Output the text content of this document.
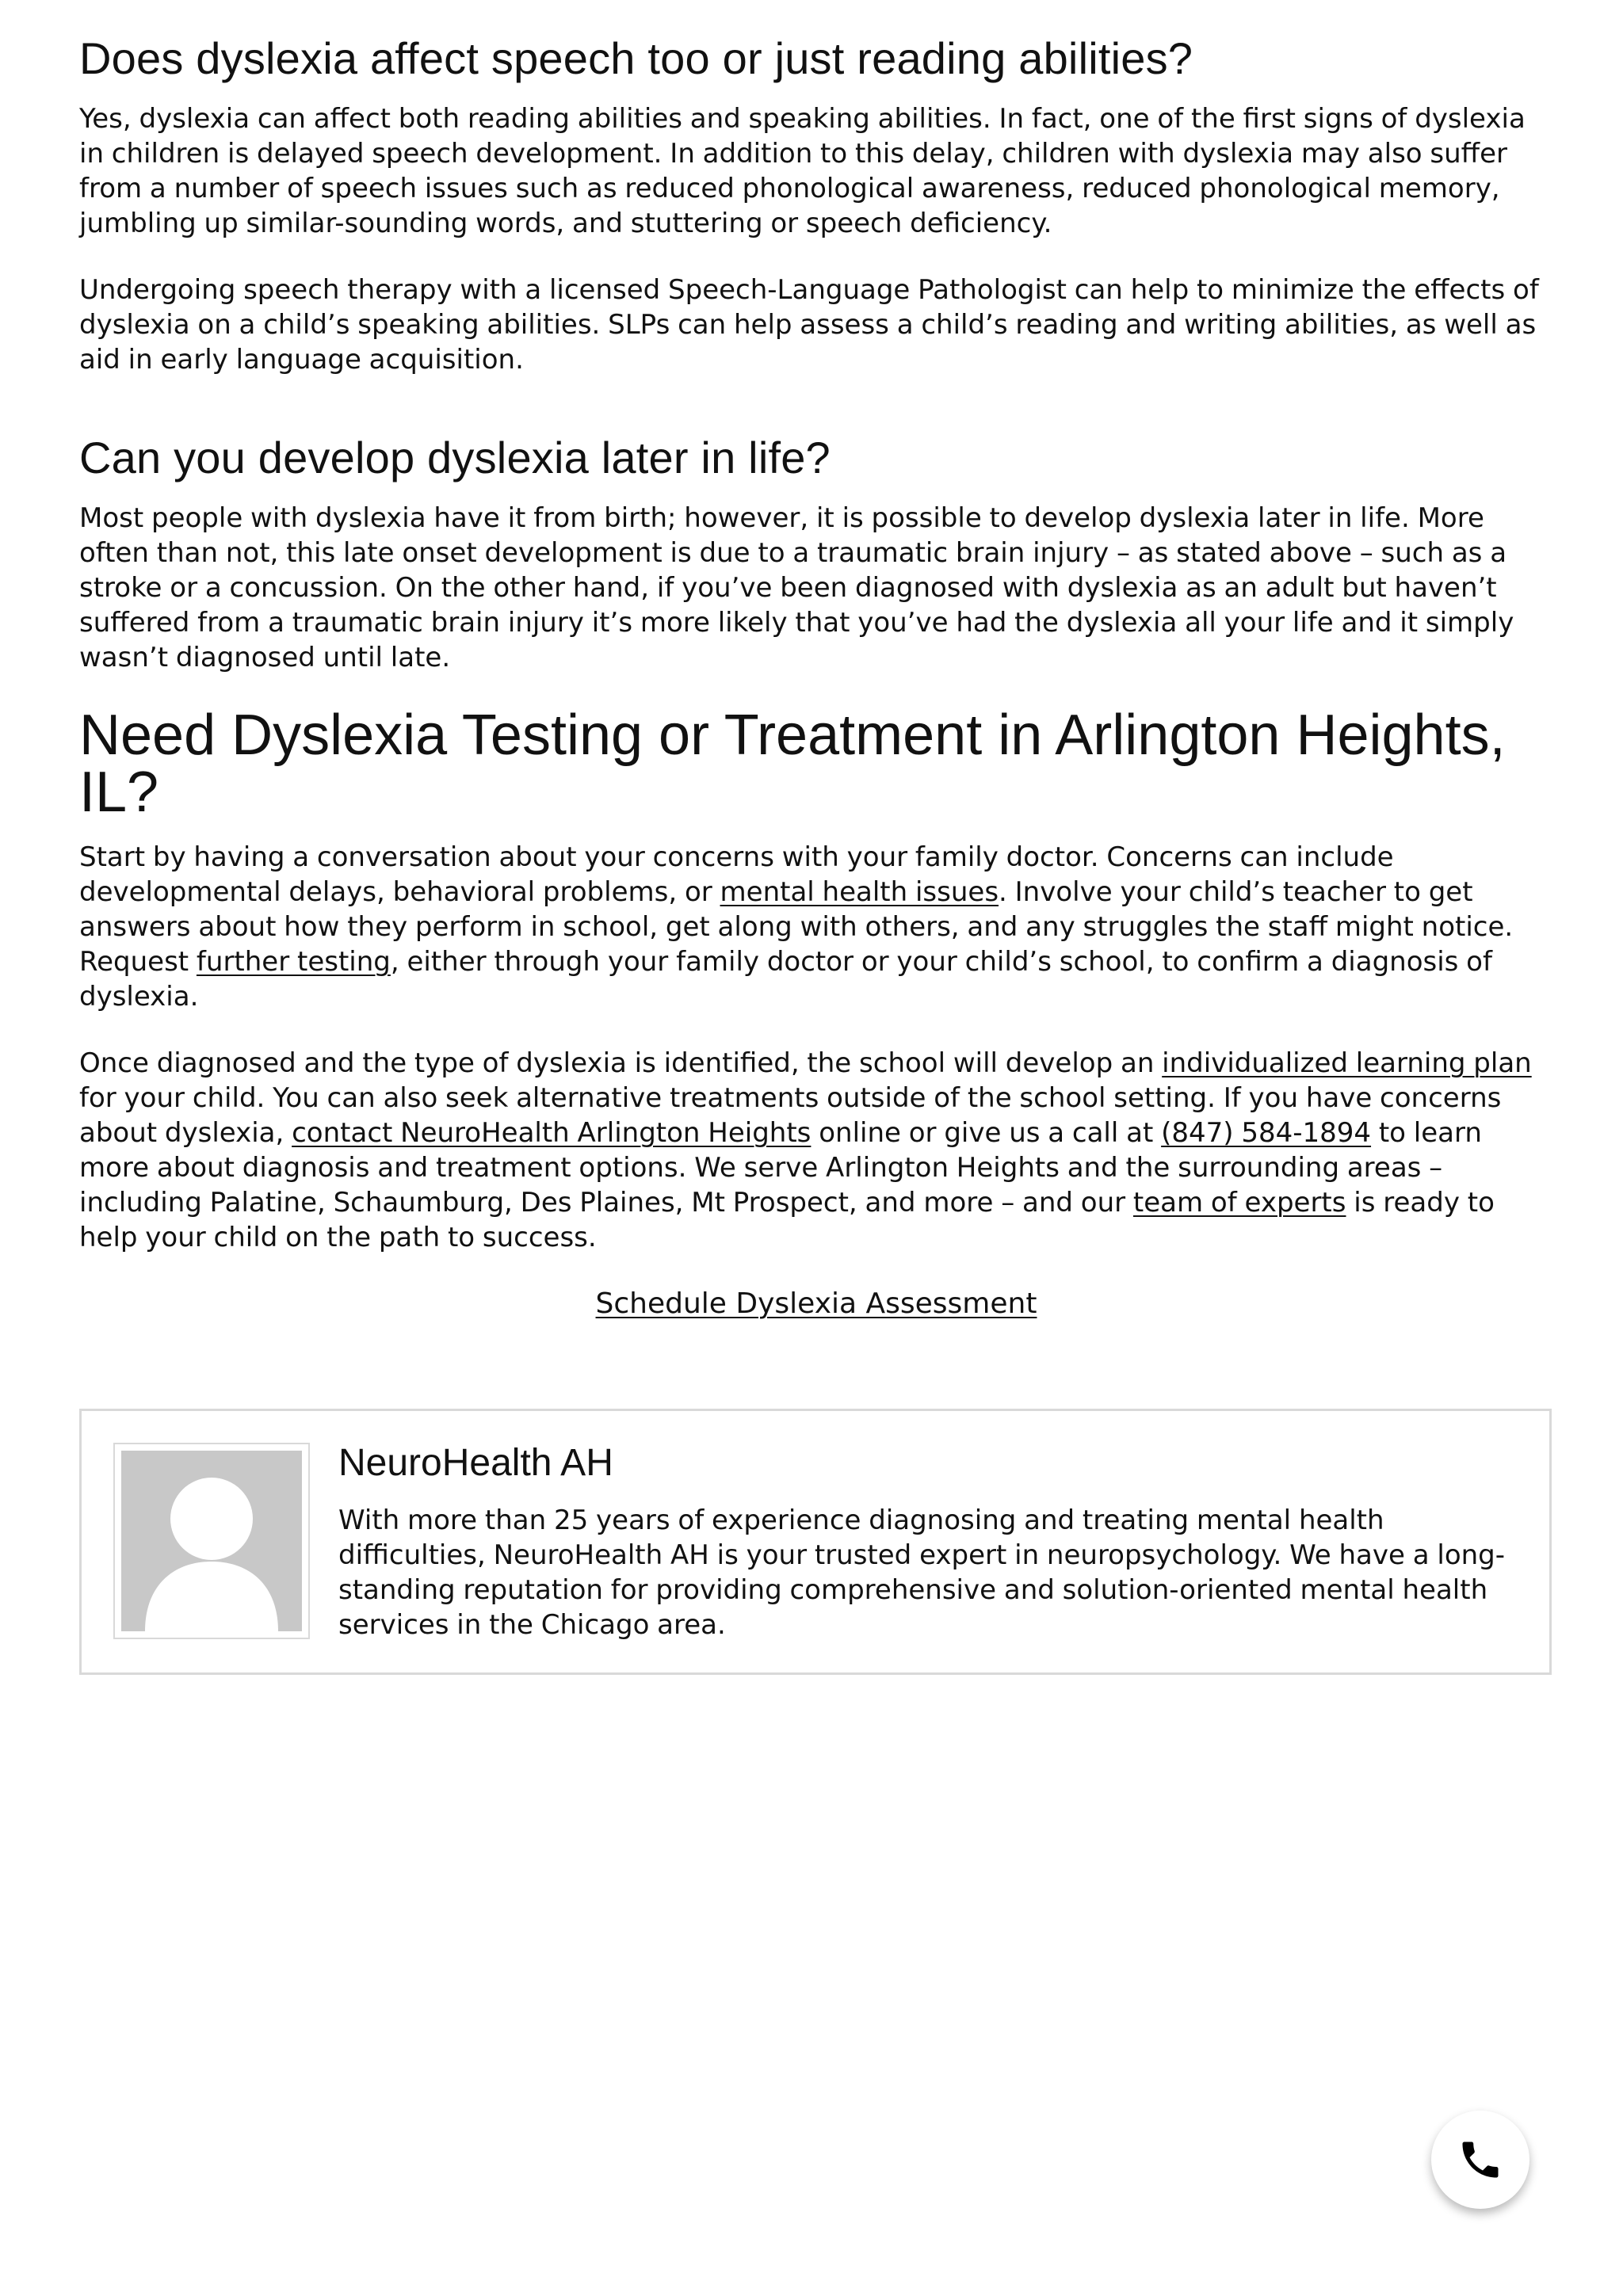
Does dyslexia affect speech too or just reading abilities?

Yes, dyslexia can affect both reading abilities and speaking abilities. In fact, one of the first signs of dyslexia in children is delayed speech development. In addition to this delay, children with dyslexia may also suffer from a number of speech issues such as reduced phonological awareness, reduced phonological memory, jumbling up similar-sounding words, and stuttering or speech deficiency.

Undergoing speech therapy with a licensed Speech-Language Pathologist can help to minimize the effects of dyslexia on a child’s speaking abilities. SLPs can help assess a child’s reading and writing abilities, as well as aid in early language acquisition.

Can you develop dyslexia later in life?

Most people with dyslexia have it from birth; however, it is possible to develop dyslexia later in life. More often than not, this late onset development is due to a traumatic brain injury – as stated above – such as a stroke or a concussion. On the other hand, if you’ve been diagnosed with dyslexia as an adult but haven’t suffered from a traumatic brain injury it’s more likely that you’ve had the dyslexia all your life and it simply wasn’t diagnosed until late.

Need Dyslexia Testing or Treatment in Arlington Heights, IL?

Start by having a conversation about your concerns with your family doctor. Concerns can include developmental delays, behavioral problems, or mental health issues. Involve your child’s teacher to get answers about how they perform in school, get along with others, and any struggles the staff might notice. Request further testing, either through your family doctor or your child’s school, to confirm a diagnosis of dyslexia.

Once diagnosed and the type of dyslexia is identified, the school will develop an individualized learning plan for your child. You can also seek alternative treatments outside of the school setting. If you have concerns about dyslexia, contact NeuroHealth Arlington Heights online or give us a call at (847) 584-1894 to learn more about diagnosis and treatment options. We serve Arlington Heights and the surrounding areas – including Palatine, Schaumburg, Des Plaines, Mt Prospect, and more – and our team of experts is ready to help your child on the path to success.

Schedule Dyslexia Assessment
NeuroHealth AH

With more than 25 years of experience diagnosing and treating mental health difficulties, NeuroHealth AH is your trusted expert in neuropsychology. We have a long-standing reputation for providing comprehensive and solution-oriented mental health services in the Chicago area.
